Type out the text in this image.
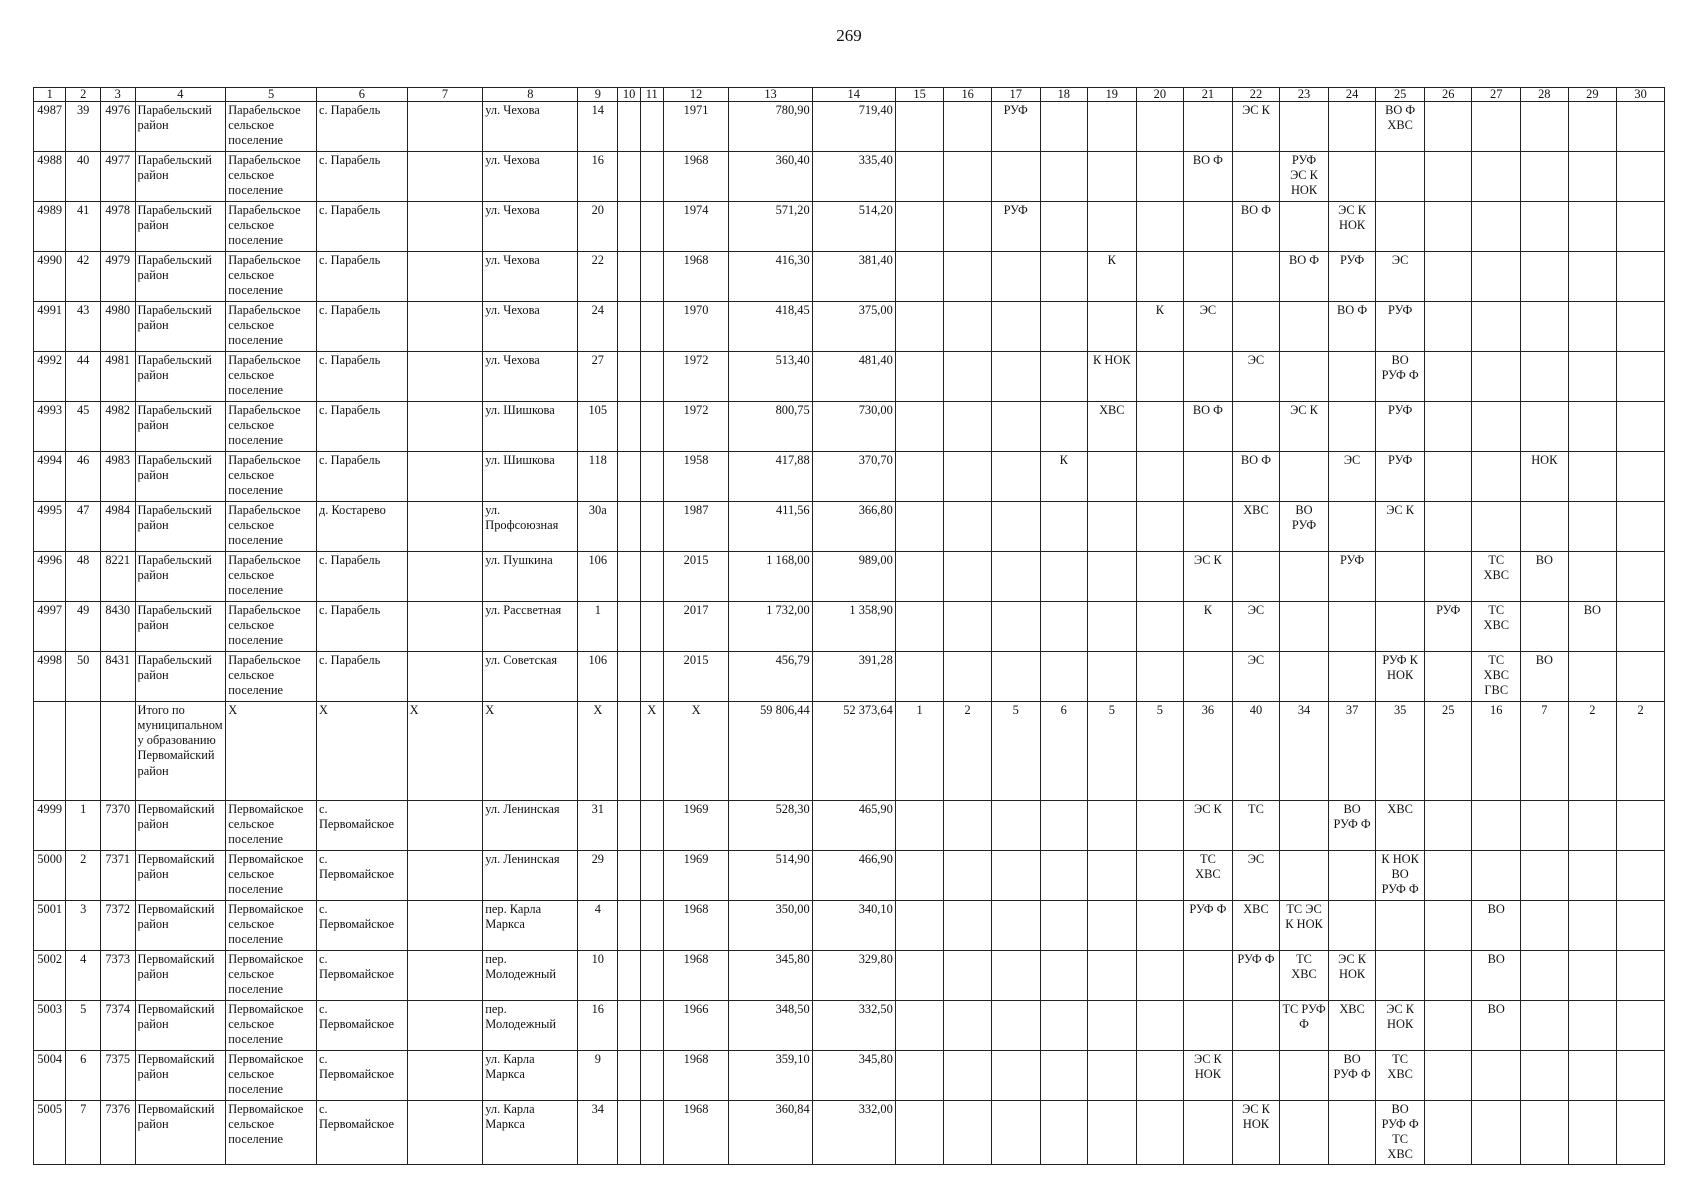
269
1	2	3	4	5	6	7	8	9	10	11	12	13	14	15	16	17	18	19	20	21	22	23	24	25	26	27	28	29	30
4987	39	4976	Парабельский район	Парабельское сельское поселение	с. Парабель		ул. Чехова	14			1971	780,90	719,40			РУФ					ЭС К			ВО Ф ХВС					
4988	40	4977	Парабельский район	Парабельское сельское поселение	с. Парабель		ул. Чехова	16			1968	360,40	335,40							ВО Ф		РУФ ЭС К НОК							
4989	41	4978	Парабельский район	Парабельское сельское поселение	с. Парабель		ул. Чехова	20			1974	571,20	514,20			РУФ					ВО Ф		ЭС К НОК						
4990	42	4979	Парабельский район	Парабельское сельское поселение	с. Парабель		ул. Чехова	22			1968	416,30	381,40					К				ВО Ф	РУФ	ЭС					
4991	43	4980	Парабельский район	Парабельское сельское поселение	с. Парабель		ул. Чехова	24			1970	418,45	375,00						К	ЭС			ВО Ф	РУФ					
4992	44	4981	Парабельский район	Парабельское сельское поселение	с. Парабель		ул. Чехова	27			1972	513,40	481,40					К НОК			ЭС			ВО РУФ Ф					
4993	45	4982	Парабельский район	Парабельское сельское поселение	с. Парабель		ул. Шишкова	105			1972	800,75	730,00					ХВС		ВО Ф		ЭС К		РУФ					
4994	46	4983	Парабельский район	Парабельское сельское поселение	с. Парабель		ул. Шишкова	118			1958	417,88	370,70				К				ВО Ф		ЭС	РУФ			НОК		
4995	47	4984	Парабельский район	Парабельское сельское поселение	д. Костарево		ул. Профсоюзная	30а			1987	411,56	366,80								ХВС	ВО РУФ		ЭС К					
4996	48	8221	Парабельский район	Парабельское сельское поселение	с. Парабель		ул. Пушкина	106			2015	1 168,00	989,00							ЭС К			РУФ			ТС ХВС	ВО		
4997	49	8430	Парабельский район	Парабельское сельское поселение	с. Парабель		ул. Рассветная	1			2017	1 732,00	1 358,90							К	ЭС				РУФ	ТС ХВС		ВО	
4998	50	8431	Парабельский район	Парабельское сельское поселение	с. Парабель		ул. Советская	106			2015	456,79	391,28								ЭС			РУФ К НОК		ТС ХВС ГВС	ВО		
			Итого по муниципальному образованию Первомайский район	Х	Х	Х	Х	Х		Х	Х	59 806,44	52 373,64	1	2	5	6	5	5	36	40	34	37	35	25	16	7	2	2
4999	1	7370	Первомайский район	Первомайское сельское поселение	с. Первомайское		ул. Ленинская	31			1969	528,30	465,90							ЭС К	ТС		ВО РУФ Ф	ХВС					
5000	2	7371	Первомайский район	Первомайское сельское поселение	с. Первомайское		ул. Ленинская	29			1969	514,90	466,90							ТС ХВС	ЭС			К НОК ВО РУФ Ф					
5001	3	7372	Первомайский район	Первомайское сельское поселение	с. Первомайское		пер. Карла Маркса	4			1968	350,00	340,10							РУФ Ф	ХВС	ТС ЭС К НОК				ВО			
5002	4	7373	Первомайский район	Первомайское сельское поселение	с. Первомайское		пер. Молодежный	10			1968	345,80	329,80								РУФ Ф	ТС ХВС	ЭС К НОК			ВО			
5003	5	7374	Первомайский район	Первомайское сельское поселение	с. Первомайское		пер. Молодежный	16			1966	348,50	332,50									ТС РУФ Ф	ХВС	ЭС К НОК		ВО			
5004	6	7375	Первомайский район	Первомайское сельское поселение	с. Первомайское		ул. Карла Маркса	9			1968	359,10	345,80							ЭС К НОК			ВО РУФ Ф	ТС ХВС					
5005	7	7376	Первомайский район	Первомайское сельское поселение	с. Первомайское		ул. Карла Маркса	34			1968	360,84	332,00								ЭС К НОК			ВО РУФ Ф ТС ХВС					
